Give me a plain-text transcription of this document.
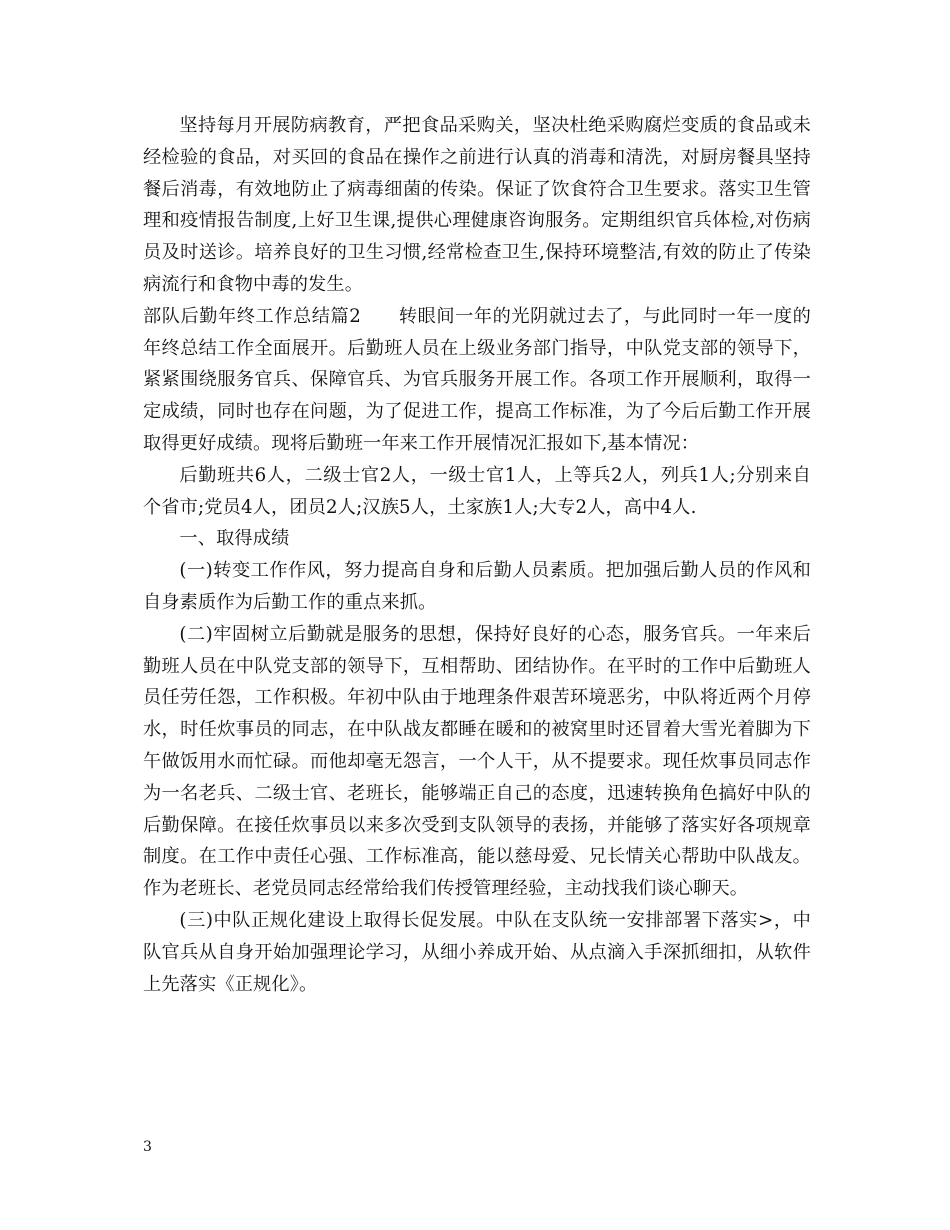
坚持每月开展防病教育，严把食品采购关，坚决杜绝采购腐烂变质的食品或未经检验的食品，对买回的食品在操作之前进行认真的消毒和清洗，对厨房餐具坚持餐后消毒，有效地防止了病毒细菌的传染。保证了饮食符合卫生要求。落实卫生管理和疫情报告制度,上好卫生课,提供心理健康咨询服务。定期组织官兵体检,对伤病员及时送诊。培养良好的卫生习惯,经常检查卫生,保持环境整洁,有效的防止了传染病流行和食物中毒的发生。

部队后勤年终工作总结篇2　　转眼间一年的光阴就过去了，与此同时一年一度的年终总结工作全面展开。后勤班人员在上级业务部门指导，中队党支部的领导下，紧紧围绕服务官兵、保障官兵、为官兵服务开展工作。各项工作开展顺利，取得一定成绩，同时也存在问题，为了促进工作，提高工作标准，为了今后后勤工作开展取得更好成绩。现将后勤班一年来工作开展情况汇报如下,基本情况：

后勤班共6人，二级士官2人，一级士官1人，上等兵2人，列兵1人;分别来自个省市;党员4人，团员2人;汉族5人，土家族1人;大专2人，高中4人.

一、取得成绩

(一)转变工作作风，努力提高自身和后勤人员素质。把加强后勤人员的作风和自身素质作为后勤工作的重点来抓。

(二)牢固树立后勤就是服务的思想，保持好良好的心态，服务官兵。一年来后勤班人员在中队党支部的领导下，互相帮助、团结协作。在平时的工作中后勤班人员任劳任怨，工作积极。年初中队由于地理条件艰苦环境恶劣，中队将近两个月停水，时任炊事员的同志，在中队战友都睡在暖和的被窝里时还冒着大雪光着脚为下午做饭用水而忙碌。而他却毫无怨言，一个人干，从不提要求。现任炊事员同志作为一名老兵、二级士官、老班长，能够端正自己的态度，迅速转换角色搞好中队的后勤保障。在接任炊事员以来多次受到支队领导的表扬，并能够了落实好各项规章制度。在工作中责任心强、工作标准高，能以慈母爱、兄长情关心帮助中队战友。作为老班长、老党员同志经常给我们传授管理经验，主动找我们谈心聊天。

(三)中队正规化建设上取得长促发展。中队在支队统一安排部署下落实>，中队官兵从自身开始加强理论学习，从细小养成开始、从点滴入手深抓细扣，从软件上先落实《正规化》。

3
